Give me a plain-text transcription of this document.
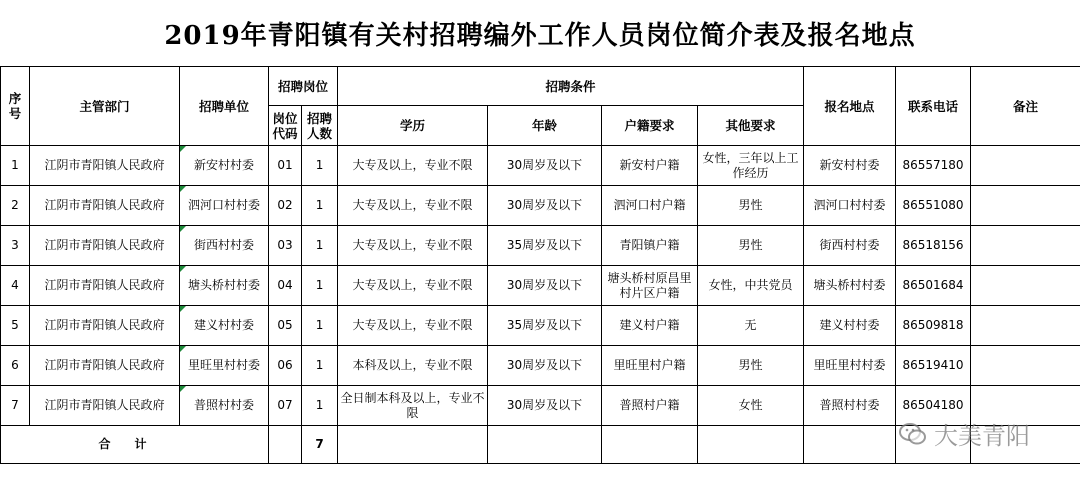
2019年青阳镇有关村招聘编外工作人员岗位简介表及报名地点
序号	主管部门	招聘单位	招聘岗位		招聘条件				报名地点	联系电话	备注
			岗位代码	招聘人数	学历	年龄	户籍要求	其他要求			
1	江阴市青阳镇人民政府	新安村村委	01	1	大专及以上，专业不限	30周岁及以下	新安村户籍	女性，三年以上工作经历	新安村村委	86557180	
2	江阴市青阳镇人民政府	泗河口村村委	02	1	大专及以上，专业不限	30周岁及以下	泗河口村户籍	男性	泗河口村村委	86551080	
3	江阴市青阳镇人民政府	街西村村委	03	1	大专及以上，专业不限	35周岁及以下	青阳镇户籍	男性	街西村村委	86518156	
4	江阴市青阳镇人民政府	塘头桥村村委	04	1	大专及以上，专业不限	30周岁及以下	塘头桥村原昌里村片区户籍	女性，中共党员	塘头桥村村委	86501684	
5	江阴市青阳镇人民政府	建义村村委	05	1	大专及以上，专业不限	35周岁及以下	建义村户籍	无	建义村村委	86509818	
6	江阴市青阳镇人民政府	里旺里村村委	06	1	本科及以上，专业不限	30周岁及以下	里旺里村户籍	男性	里旺里村村委	86519410	
7	江阴市青阳镇人民政府	普照村村委	07	1	全日制本科及以上，专业不限	30周岁及以下	普照村户籍	女性	普照村村委	86504180	
合计				7								大美青阳
